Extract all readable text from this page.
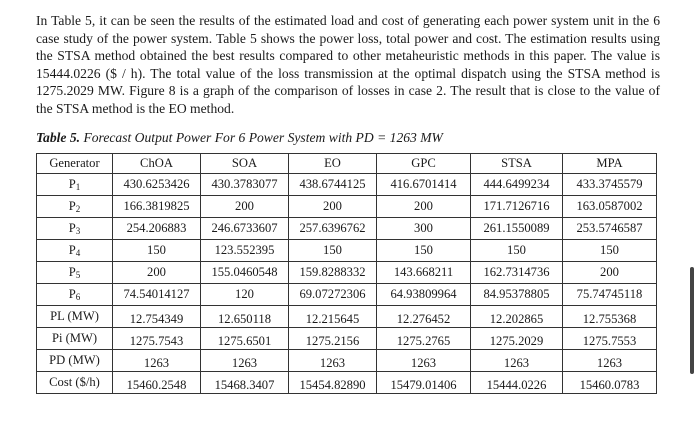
In Table 5, it can be seen the results of the estimated load and cost of generating each power system unit in the 6 case study of the power system. Table 5 shows the power loss, total power and cost. The estimation results using the STSA method obtained the best results compared to other metaheuristic methods in this paper. The value is 15444.0226 ($ / h). The total value of the loss transmission at the optimal dispatch using the STSA method is 1275.2029 MW. Figure 8 is a graph of the comparison of losses in case 2. The result that is close to the value of the STSA method is the EO method.

Table 5. Forecast Output Power For 6 Power System with PD = 1263 MW

Generator	ChOA	SOA	EO	GPC	STSA	MPA
$P_1$	430.6253426	430.3783077	438.6744125	416.6701414	444.6499234	433.3745579
$P_2$	166.3819825	200	200	200	171.7126716	163.0587002
$P_3$	254.206883	246.6733607	257.6396762	300	261.1550089	253.5746587
$P_4$	150	123.552395	150	150	150	150
$P_5$	200	155.0460548	159.8288332	143.668211	162.7314736	200
$P_6$	74.54014127	120	69.07272306	64.93809964	84.95378805	75.74745118
PL (MW)	12.754349	12.650118	12.215645	12.276452	12.202865	12.755368
Pi (MW)	1275.7543	1275.6501	1275.2156	1275.2765	1275.2029	1275.7553
PD (MW)	1263	1263	1263	1263	1263	1263
Cost ($/h)	15460.2548	15468.3407	15454.82890	15479.01406	15444.0226	15460.0783
